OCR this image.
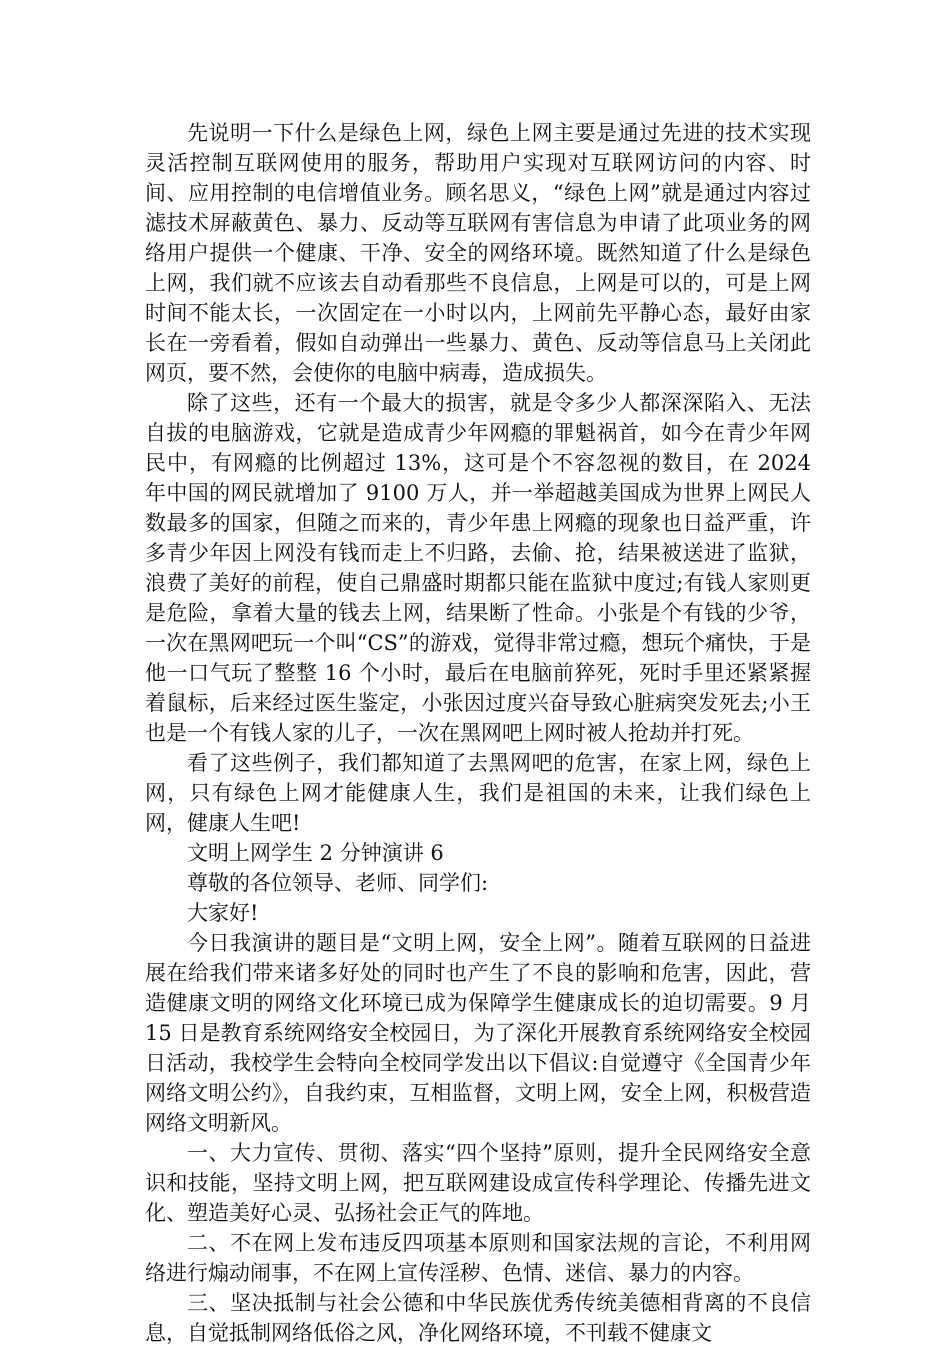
先说明一下什么是绿色上网，绿色上网主要是通过先进的技术实现灵活控制互联网使用的服务，帮助用户实现对互联网访问的内容、时间、应用控制的电信增值业务。顾名思义，“绿色上网”就是通过内容过滤技术屏蔽黄色、暴力、反动等互联网有害信息为申请了此项业务的网络用户提供一个健康、干净、安全的网络环境。既然知道了什么是绿色上网，我们就不应该去自动看那些不良信息，上网是可以的，可是上网时间不能太长，一次固定在一小时以内，上网前先平静心态，最好由家长在一旁看着，假如自动弹出一些暴力、黄色、反动等信息马上关闭此网页，要不然，会使你的电脑中病毒，造成损失。

除了这些，还有一个最大的损害，就是令多少人都深深陷入、无法自拔的电脑游戏，它就是造成青少年网瘾的罪魁祸首，如今在青少年网民中，有网瘾的比例超过 13%，这可是个不容忽视的数目，在 2024 年中国的网民就增加了 9100 万人，并一举超越美国成为世界上网民人数最多的国家，但随之而来的，青少年患上网瘾的现象也日益严重，许多青少年因上网没有钱而走上不归路，去偷、抢，结果被送进了监狱，浪费了美好的前程，使自己鼎盛时期都只能在监狱中度过;有钱人家则更是危险，拿着大量的钱去上网，结果断了性命。小张是个有钱的少爷，一次在黑网吧玩一个叫“CS”的游戏，觉得非常过瘾，想玩个痛快，于是他一口气玩了整整 16 个小时，最后在电脑前猝死，死时手里还紧紧握着鼠标，后来经过医生鉴定，小张因过度兴奋导致心脏病突发死去;小王也是一个有钱人家的儿子，一次在黑网吧上网时被人抢劫并打死。

看了这些例子，我们都知道了去黑网吧的危害，在家上网，绿色上网，只有绿色上网才能健康人生，我们是祖国的未来，让我们绿色上网，健康人生吧!

文明上网学生 2 分钟演讲 6

尊敬的各位领导、老师、同学们:

大家好!

今日我演讲的题目是“文明上网，安全上网”。随着互联网的日益进展在给我们带来诸多好处的同时也产生了不良的影响和危害，因此，营造健康文明的网络文化环境已成为保障学生健康成长的迫切需要。9 月 15 日是教育系统网络安全校园日，为了深化开展教育系统网络安全校园日活动，我校学生会特向全校同学发出以下倡议:自觉遵守《全国青少年网络文明公约》，自我约束，互相监督，文明上网，安全上网，积极营造网络文明新风。

一、大力宣传、贯彻、落实“四个坚持”原则，提升全民网络安全意识和技能，坚持文明上网，把互联网建设成宣传科学理论、传播先进文化、塑造美好心灵、弘扬社会正气的阵地。

二、不在网上发布违反四项基本原则和国家法规的言论，不利用网络进行煽动闹事，不在网上宣传淫秽、色情、迷信、暴力的内容。

三、坚决抵制与社会公德和中华民族优秀传统美德相背离的不良信息，自觉抵制网络低俗之风，净化网络环境，不刊载不健康文
